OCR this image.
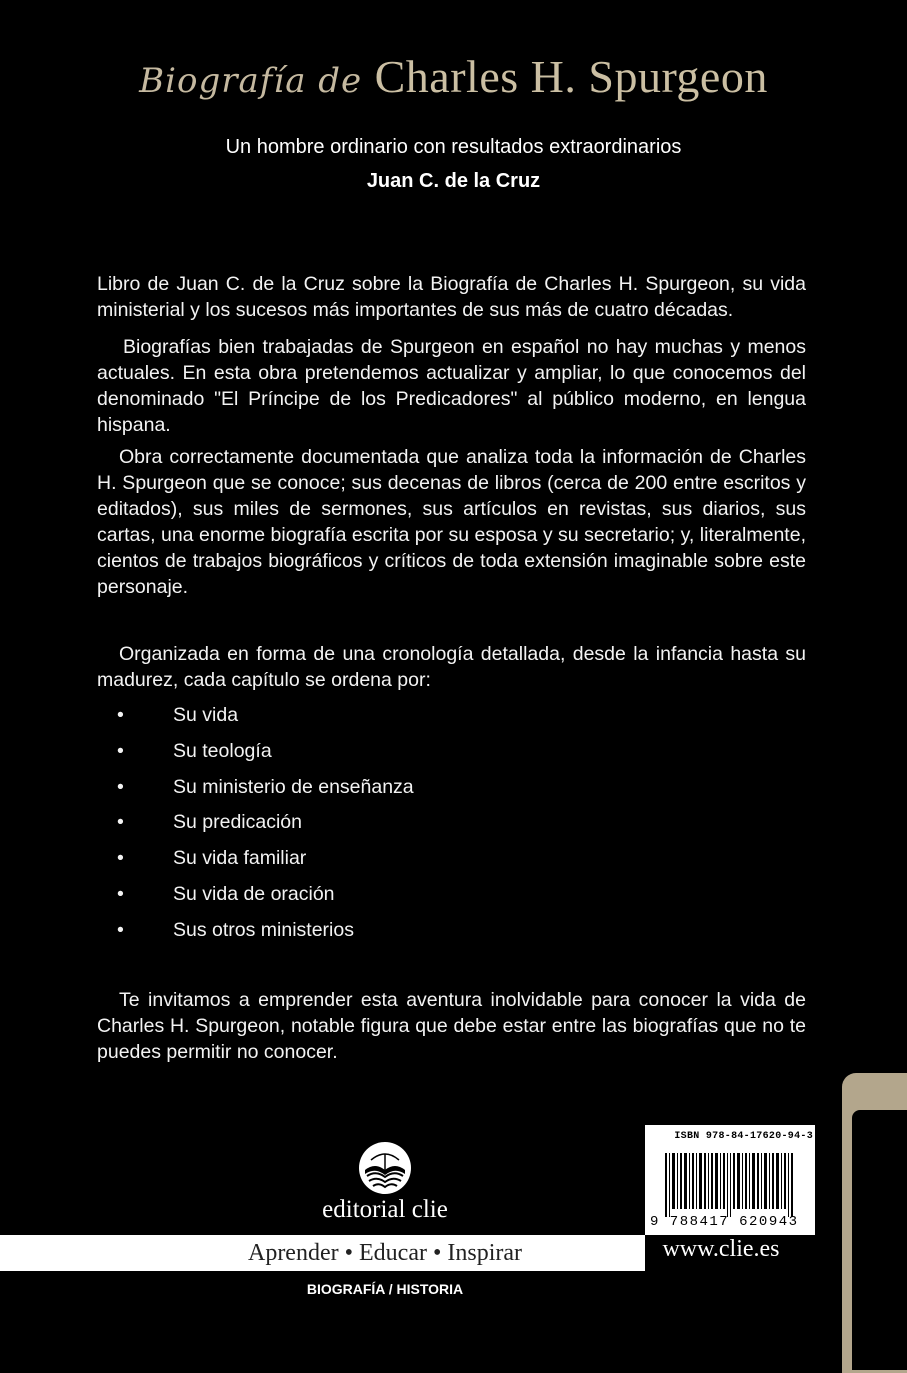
Biografía de Charles H. Spurgeon
Un hombre ordinario con resultados extraordinarios
Juan C. de la Cruz
Libro de Juan C. de la Cruz sobre la Biografía de Charles H. Spurgeon, su vida ministerial y los sucesos más importantes de sus más de cuatro décadas.
Biografías bien trabajadas de Spurgeon en español no hay muchas y menos actuales. En esta obra pretendemos actualizar y ampliar, lo que conocemos del denominado "El Príncipe de los Predicadores" al público moderno, en lengua hispana.
Obra correctamente documentada que analiza toda la información de Charles H. Spurgeon que se conoce; sus decenas de libros (cerca de 200 entre escritos y editados), sus miles de sermones, sus artículos en revistas, sus diarios, sus cartas, una enorme biografía escrita por su esposa y su secretario; y, literalmente, cientos de trabajos biográficos y críticos de toda extensión imaginable sobre este personaje.
Organizada en forma de una cronología detallada, desde la infancia hasta su madurez, cada capítulo se ordena por:
•	Su vida
•	Su teología
•	Su ministerio de enseñanza
•	Su predicación
•	Su vida familiar
•	Su vida de oración
•	Sus otros ministerios
Te invitamos a emprender esta aventura inolvidable para conocer la vida de Charles H. Spurgeon, notable figura que debe estar entre las biografías que no te puedes permitir no conocer.
editorial clie
Aprender • Educar • Inspirar
ISBN 978-84-17620-94-3
9 788417 620943
www.clie.es
BIOGRAFÍA / HISTORIA
